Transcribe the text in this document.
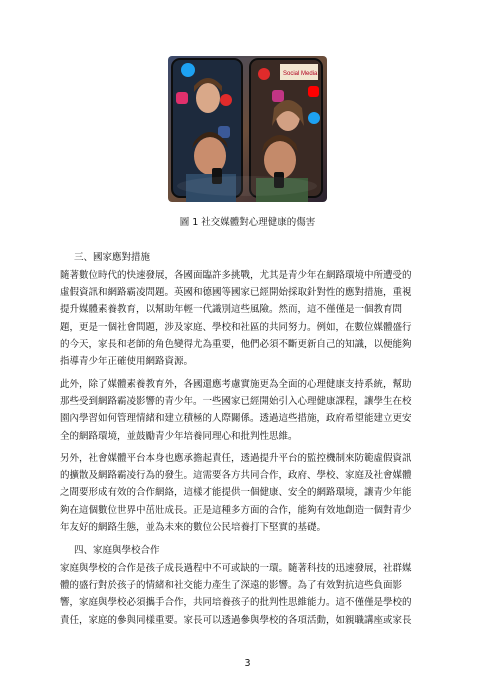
Social Media
圖 1 社交媒體對心理健康的傷害
三、國家應對措施
隨著數位時代的快速發展，各國面臨許多挑戰，尤其是青少年在網路環境中所遭受的
虛假資訊和網路霸凌問題。英國和德國等國家已經開始採取針對性的應對措施，重視
提升媒體素養教育，以幫助年輕一代識別這些風險。然而，這不僅僅是一個教育問
題，更是一個社會問題，涉及家庭、學校和社區的共同努力。例如，在數位媒體盛行
的今天，家長和老師的角色變得尤為重要，他們必須不斷更新自己的知識，以便能夠
指導青少年正確使用網路資源。
此外，除了媒體素養教育外，各國還應考慮實施更為全面的心理健康支持系統，幫助
那些受到網路霸凌影響的青少年。一些國家已經開始引入心理健康課程，讓學生在校
園內學習如何管理情緒和建立積極的人際關係。透過這些措施，政府希望能建立更安
全的網路環境，並鼓勵青少年培養同理心和批判性思維。
另外，社會媒體平台本身也應承擔起責任，透過提升平台的監控機制來防範虛假資訊
的擴散及網路霸凌行為的發生。這需要各方共同合作，政府、學校、家庭及社會媒體
之間要形成有效的合作網絡，這樣才能提供一個健康、安全的網路環境，讓青少年能
夠在這個數位世界中茁壯成長。正是這種多方面的合作，能夠有效地創造一個對青少
年友好的網路生態，並為未來的數位公民培養打下堅實的基礎。
四、家庭與學校合作
家庭與學校的合作是孩子成長過程中不可或缺的一環。隨著科技的迅速發展，社群媒
體的盛行對於孩子的情緒和社交能力產生了深遠的影響。為了有效對抗這些負面影
響，家庭與學校必須攜手合作，共同培養孩子的批判性思維能力。這不僅僅是學校的
責任，家庭的參與同樣重要。家長可以透過參與學校的各項活動，如親職講座或家長
3
